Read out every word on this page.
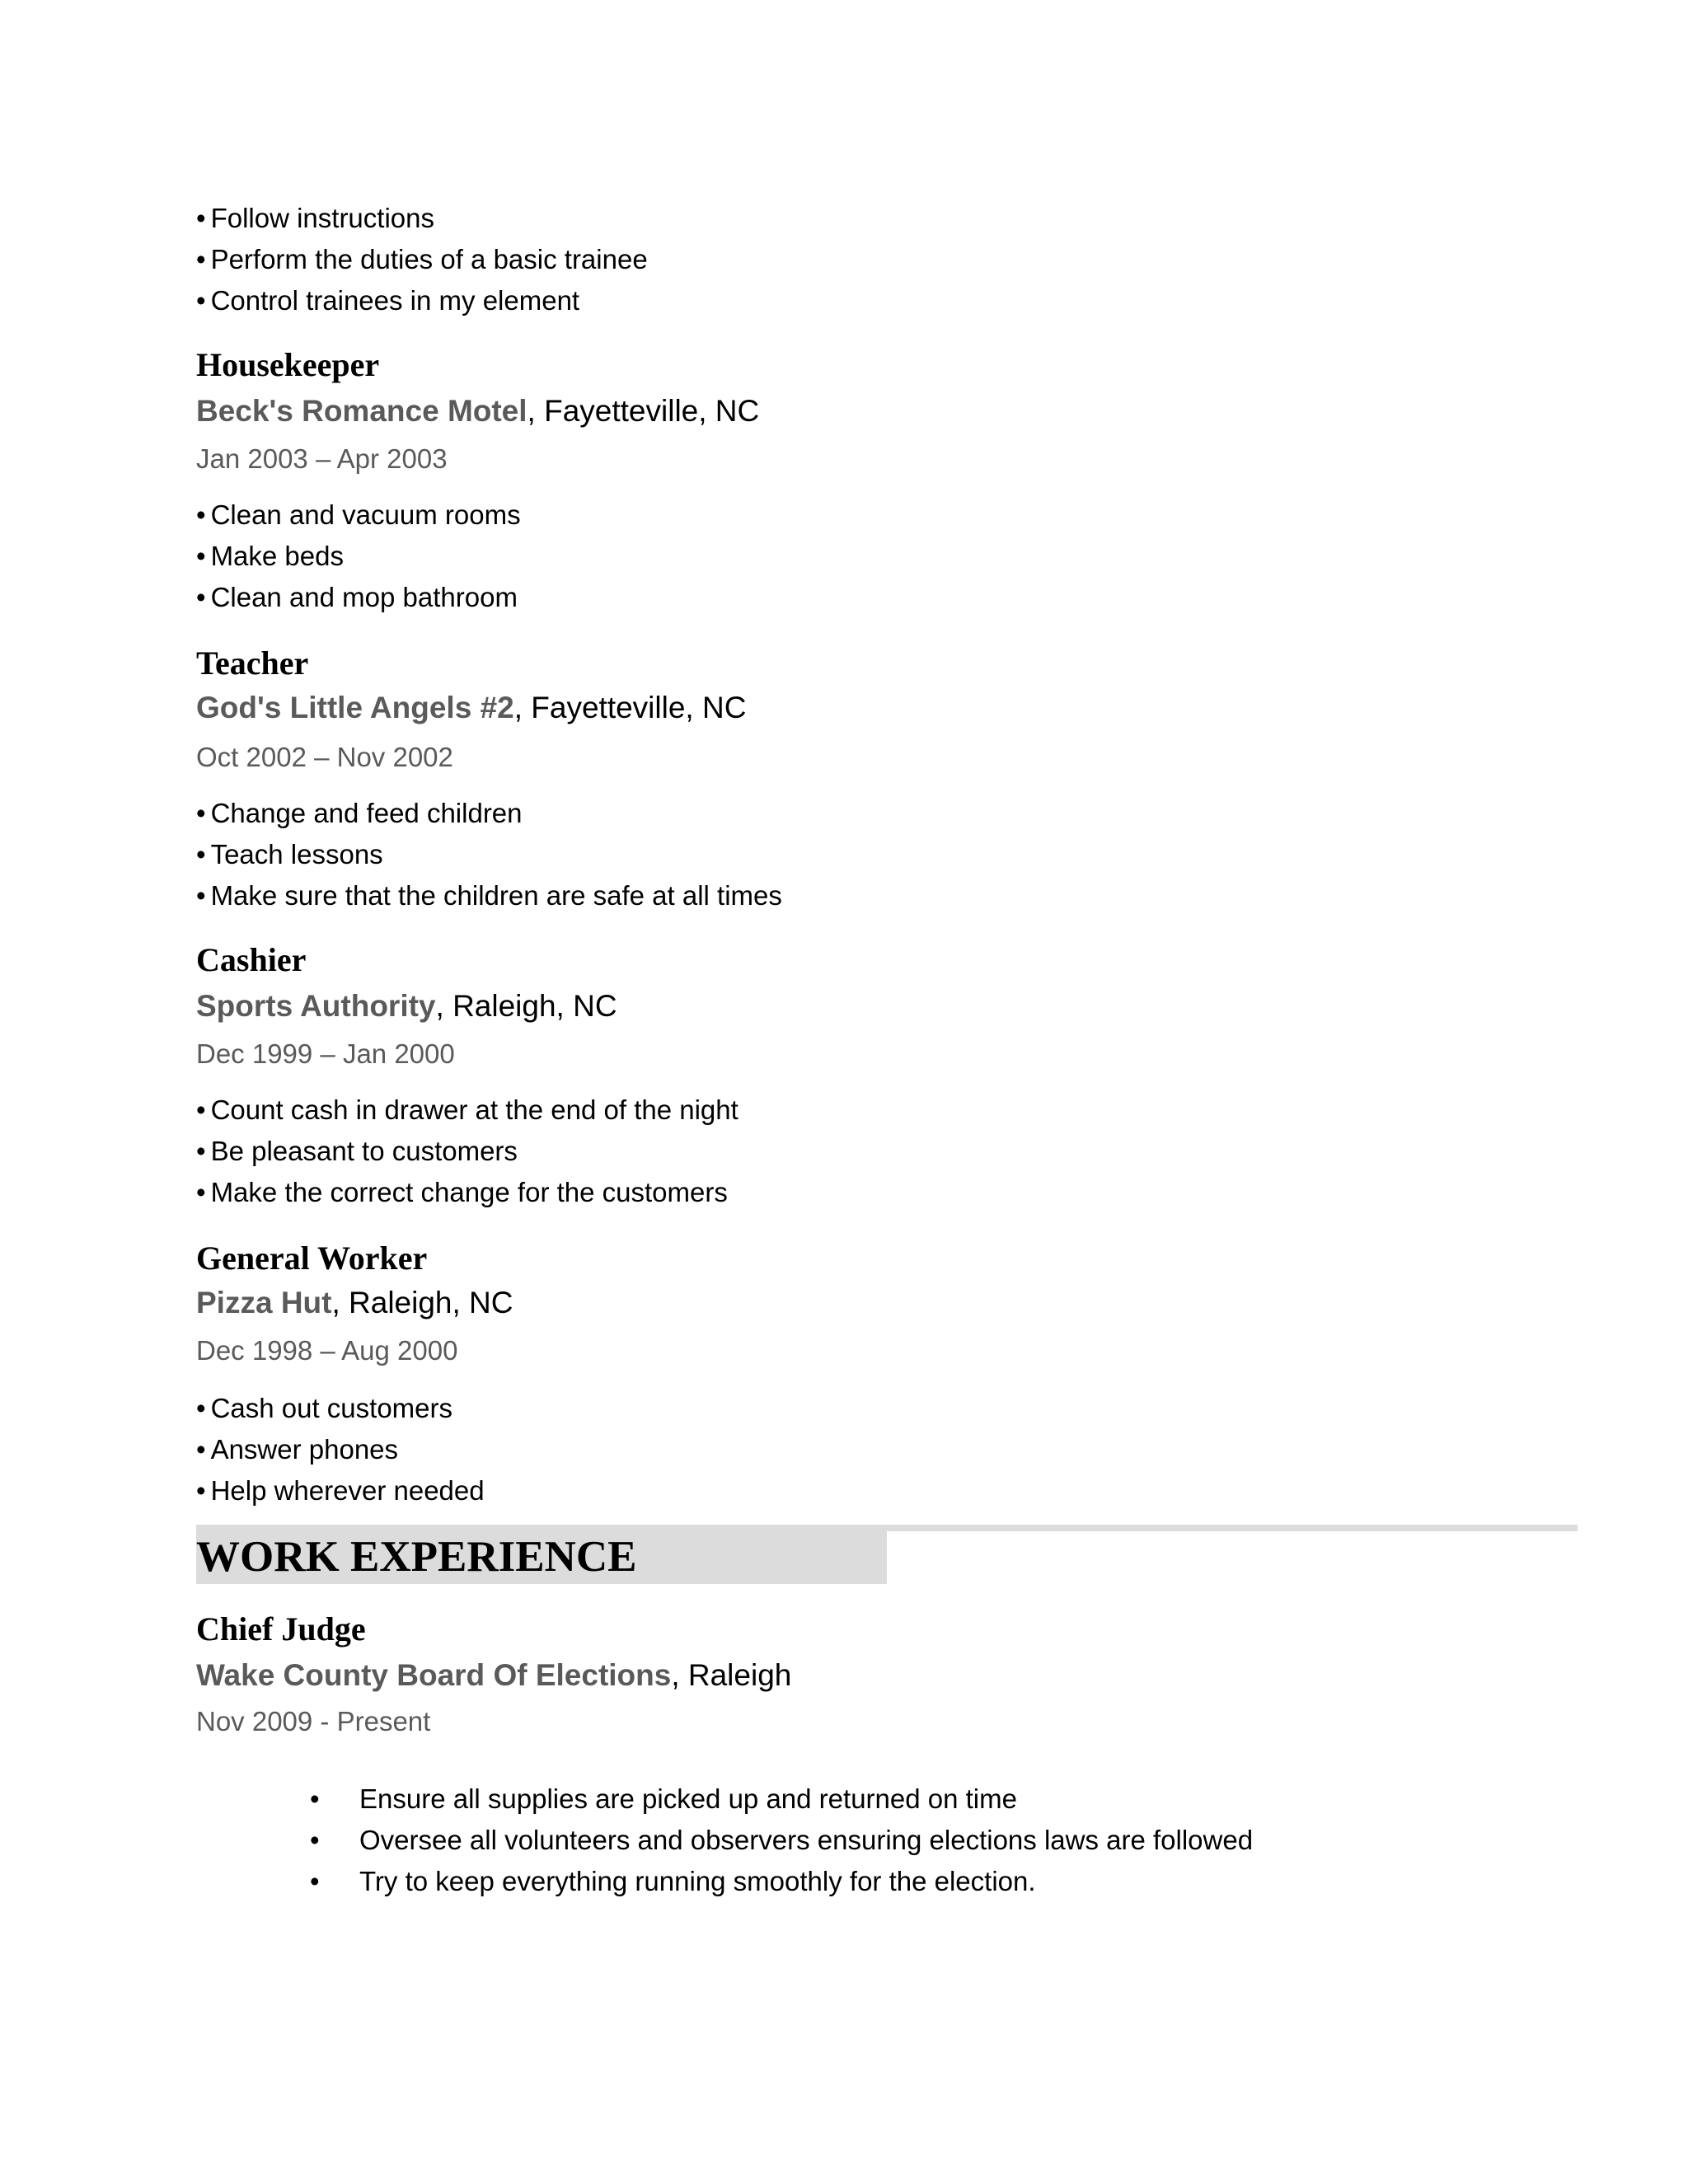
• Follow instructions
• Perform the duties of a basic trainee
• Control trainees in my element
Housekeeper
Beck's Romance Motel, Fayetteville, NC
Jan 2003 – Apr 2003
• Clean and vacuum rooms
• Make beds
• Clean and mop bathroom
Teacher
God's Little Angels #2, Fayetteville, NC
Oct 2002 – Nov 2002
• Change and feed children
• Teach lessons
• Make sure that the children are safe at all times
Cashier
Sports Authority, Raleigh, NC
Dec 1999 – Jan 2000
• Count cash in drawer at the end of the night
• Be pleasant to customers
• Make the correct change for the customers
General Worker
Pizza Hut, Raleigh, NC
Dec 1998 – Aug 2000
• Cash out customers
• Answer phones
• Help wherever needed
WORK EXPERIENCE
Chief Judge
Wake County Board Of Elections, Raleigh
Nov 2009 - Present
• Ensure all supplies are picked up and returned on time
• Oversee all volunteers and observers ensuring elections laws are followed
• Try to keep everything running smoothly for the election.
